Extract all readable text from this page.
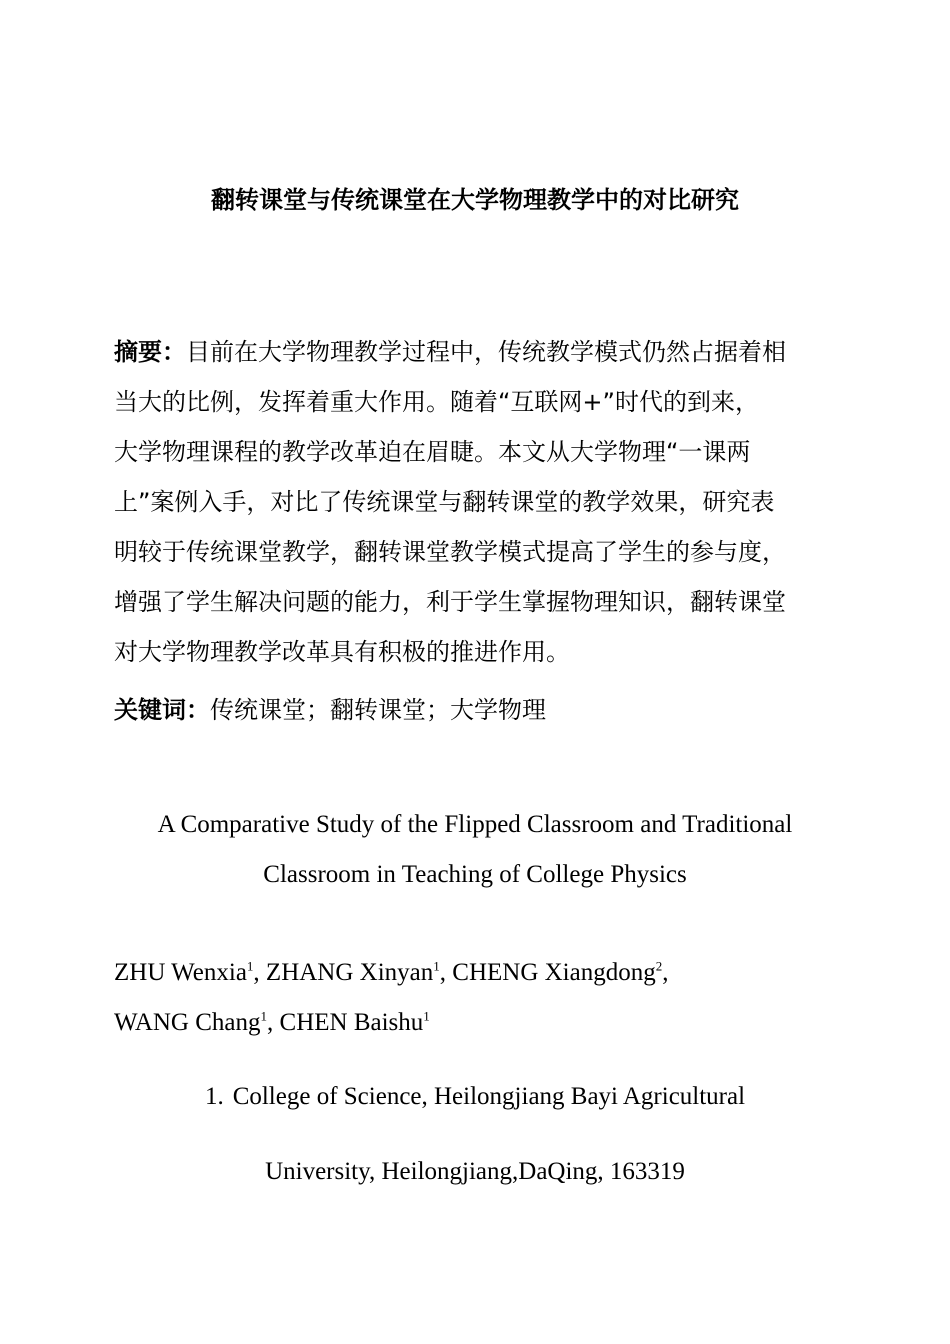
翻转课堂与传统课堂在大学物理教学中的对比研究
摘要：目前在大学物理教学过程中，传统教学模式仍然占据着相
当大的比例，发挥着重大作用。随着“互联网+”时代的到来，
大学物理课程的教学改革迫在眉睫。本文从大学物理“一课两
上”案例入手，对比了传统课堂与翻转课堂的教学效果，研究表
明较于传统课堂教学，翻转课堂教学模式提高了学生的参与度，
增强了学生解决问题的能力，利于学生掌握物理知识，翻转课堂
对大学物理教学改革具有积极的推进作用。
关键词：传统课堂；翻转课堂；大学物理
A Comparative Study of the Flipped Classroom and Traditional
Classroom in Teaching of College Physics
ZHU Wenxia$^1$, ZHANG Xinyan$^1$, CHENG Xiangdong$^2$,
WANG Chang$^1$, CHEN Baishu$^1$
1. College of Science, Heilongjiang Bayi Agricultural
University, Heilongjiang,DaQing, 163319
